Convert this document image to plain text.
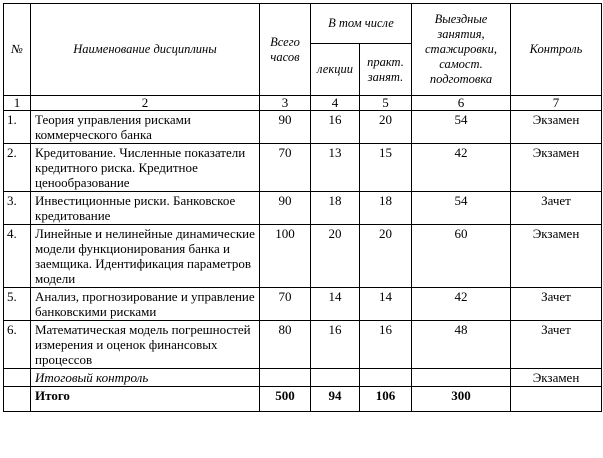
№	Наименование дисциплины	Всего часов	В том числе		Выездные занятия, стажировки, самост. подготовка	Контроль
			лекции	практ. занят.		
1	2	3	4	5	6	7
1.	Теория управления рисками коммерческого банка	90	16	20	54	Экзамен
2.	Кредитование. Численные показатели кредитного риска. Кредитное ценообразование	70	13	15	42	Экзамен
3.	Инвестиционные риски. Банковское кредитование	90	18	18	54	Зачет
4.	Линейные и нелинейные динамические модели функционирования банка и заемщика. Идентификация параметров модели	100	20	20	60	Экзамен
5.	Анализ, прогнозирование и управление банковскими рисками	70	14	14	42	Зачет
6.	Математическая модель погрешностей измерения и оценок финансовых процессов	80	16	16	48	Зачет
	Итоговый контроль					Экзамен
	Итого	500	94	106	300	
